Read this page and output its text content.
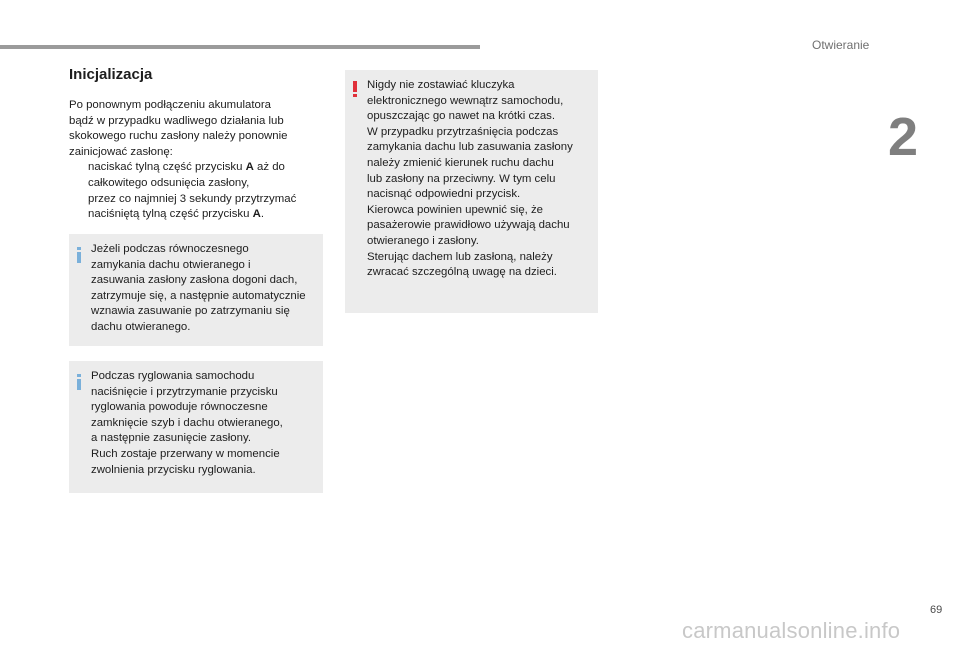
Otwieranie
2
Inicjalizacja

Po ponownym podłączeniu akumulatora

bądź w przypadku wadliwego działania lub

skokowego ruchu zasłony należy ponownie

zainicjować zasłonę:

naciskać tylną część przycisku A aż do
całkowitego odsunięcia zasłony,
przez co najmniej 3 sekundy przytrzymać
naciśniętą tylną część przycisku A.

Jeżeli podczas równoczesnego

zamykania dachu otwieranego i

zasuwania zasłony zasłona dogoni dach,

zatrzymuje się, a następnie automatycznie

wznawia zasuwanie po zatrzymaniu się

dachu otwieranego.

Podczas ryglowania samochodu

naciśnięcie i przytrzymanie przycisku

ryglowania powoduje równoczesne

zamknięcie szyb i dachu otwieranego,

a następnie zasunięcie zasłony.

Ruch zostaje przerwany w momencie

zwolnienia przycisku ryglowania.

Nigdy nie zostawiać kluczyka

elektronicznego wewnątrz samochodu,

opuszczając go nawet na krótki czas.

W przypadku przytrzaśnięcia podczas

zamykania dachu lub zasuwania zasłony

należy zmienić kierunek ruchu dachu

lub zasłony na przeciwny. W tym celu

nacisnąć odpowiedni przycisk.

Kierowca powinien upewnić się, że

pasażerowie prawidłowo używają dachu

otwieranego i zasłony.

Sterując dachem lub zasłoną, należy

zwracać szczególną uwagę na dzieci.

69
carmanualsonline.info
